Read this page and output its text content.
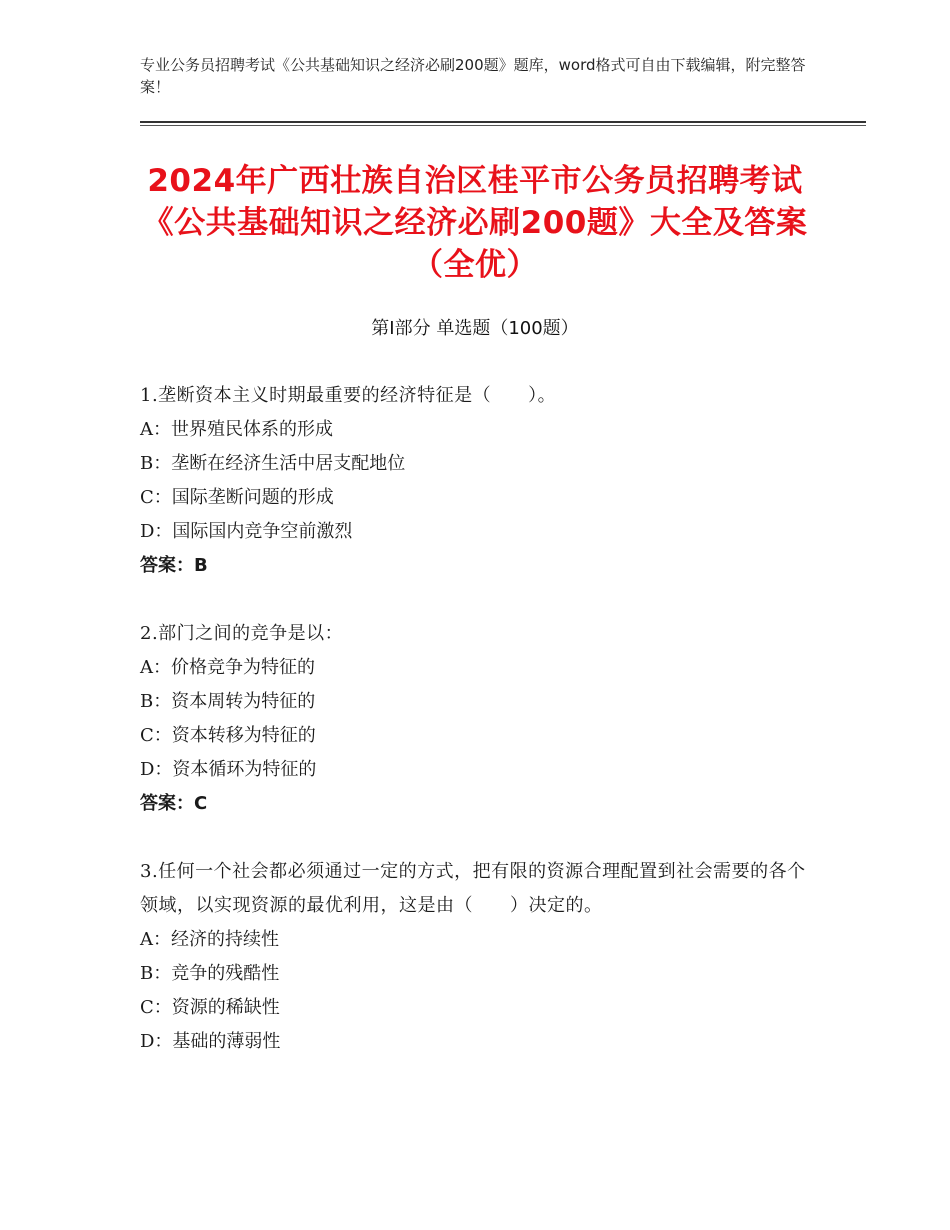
专业公务员招聘考试《公共基础知识之经济必刷200题》题库，word格式可自由下载编辑，附完整答案！
2024年广西壮族自治区桂平市公务员招聘考试《公共基础知识之经济必刷200题》大全及答案（全优）
第Ⅰ部分 单选题（100题）

1.垄断资本主义时期最重要的经济特征是（　　）。

A：世界殖民体系的形成

B：垄断在经济生活中居支配地位

C：国际垄断问题的形成

D：国际国内竞争空前激烈

答案：B

2.部门之间的竞争是以：

A：价格竞争为特征的

B：资本周转为特征的

C：资本转移为特征的

D：资本循环为特征的

答案：C

3.任何一个社会都必须通过一定的方式，把有限的资源合理配置到社会需要的各个领域，以实现资源的最优利用，这是由（　　）决定的。

A：经济的持续性

B：竞争的残酷性

C：资源的稀缺性

D：基础的薄弱性
